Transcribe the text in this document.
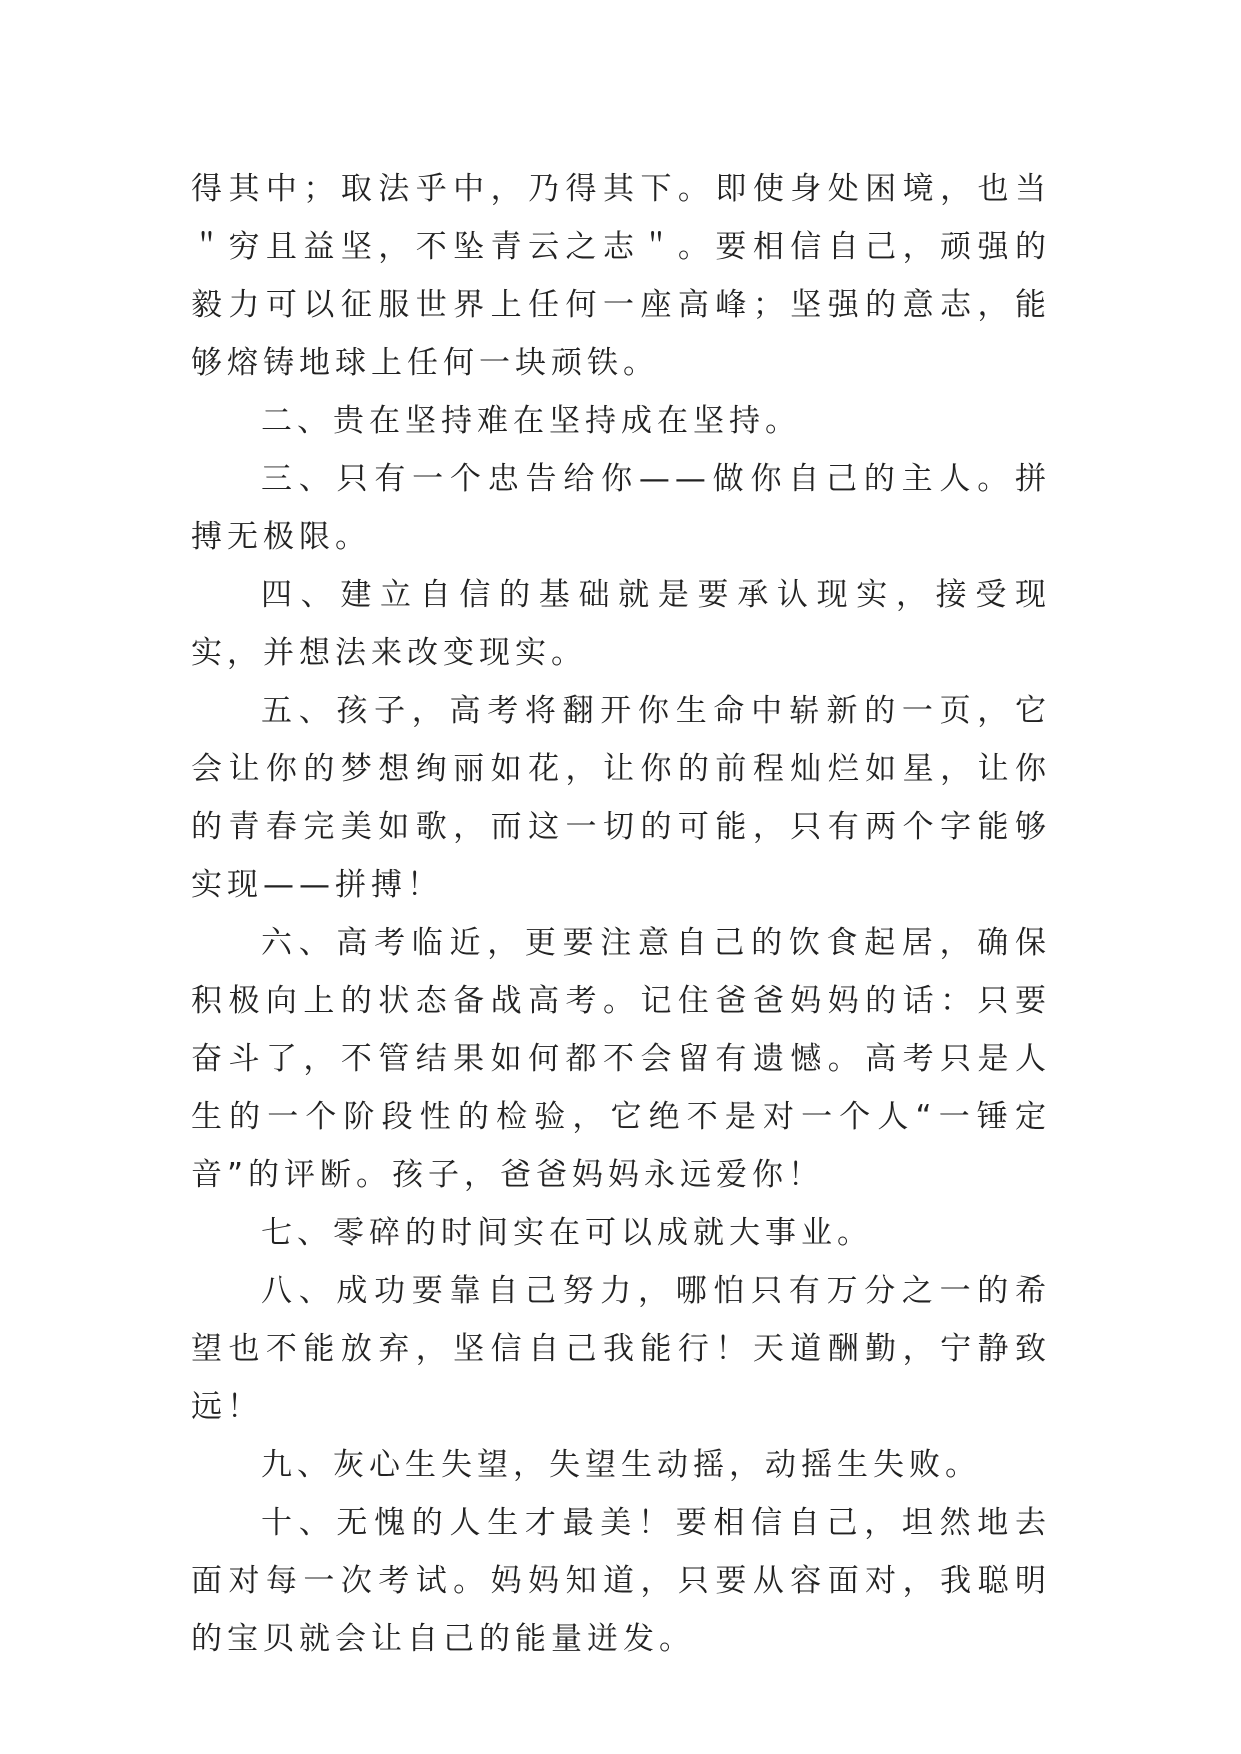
得其中；取法乎中，乃得其下。即使身处困境，也当＂穷且益坚，不坠青云之志＂。要相信自己，顽强的毅力可以征服世界上任何一座高峰；坚强的意志，能够熔铸地球上任何一块顽铁。

二、贵在坚持难在坚持成在坚持。

三、只有一个忠告给你——做你自己的主人。拼搏无极限。

四、建立自信的基础就是要承认现实，接受现实，并想法来改变现实。

五、孩子，高考将翻开你生命中崭新的一页，它会让你的梦想绚丽如花，让你的前程灿烂如星，让你的青春完美如歌，而这一切的可能，只有两个字能够实现——拼搏！

六、高考临近，更要注意自己的饮食起居，确保积极向上的状态备战高考。记住爸爸妈妈的话：只要奋斗了，不管结果如何都不会留有遗憾。高考只是人生的一个阶段性的检验，它绝不是对一个人“一锤定音”的评断。孩子，爸爸妈妈永远爱你！

七、零碎的时间实在可以成就大事业。

八、成功要靠自己努力，哪怕只有万分之一的希望也不能放弃，坚信自己我能行！天道酬勤，宁静致远！

九、灰心生失望，失望生动摇，动摇生失败。

十、无愧的人生才最美！要相信自己，坦然地去面对每一次考试。妈妈知道，只要从容面对，我聪明的宝贝就会让自己的能量迸发。
